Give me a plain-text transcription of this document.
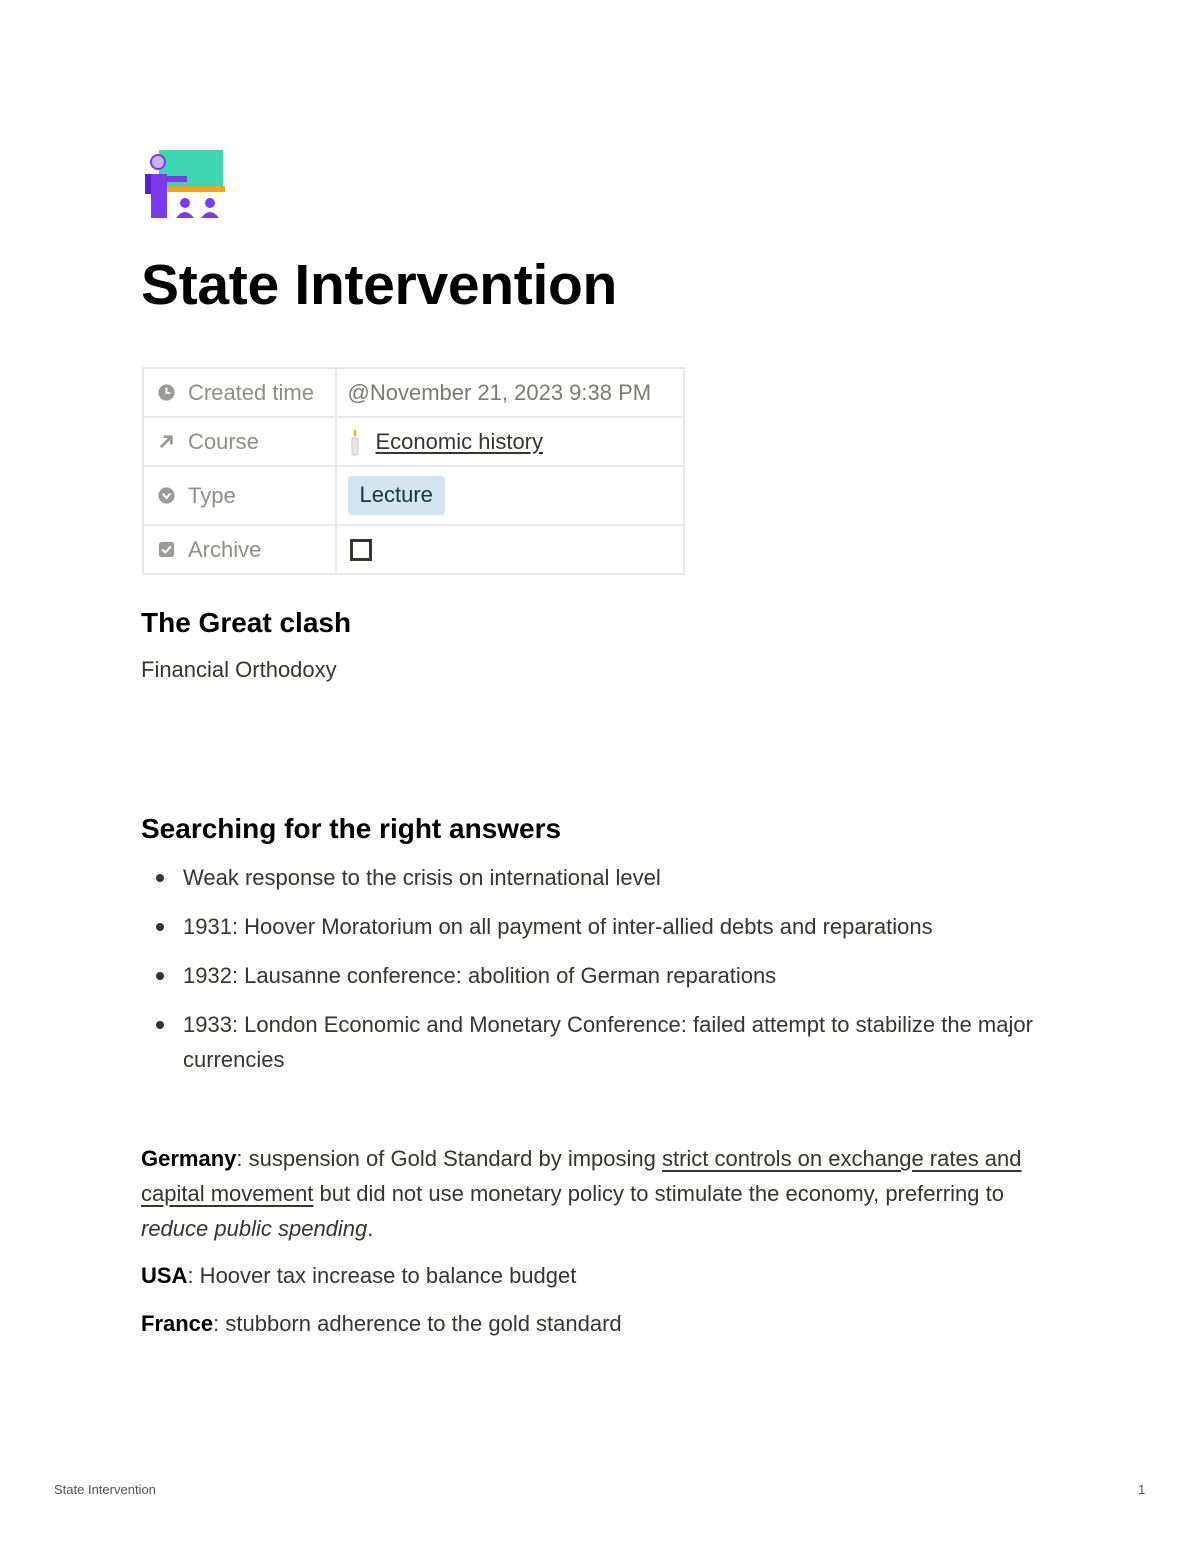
State Intervention
Created time	@November 21, 2023 9:38 PM

Course	Economic history

Type	Lecture

Archive	

The Great clash

Financial Orthodoxy

Searching for the right answers
Weak response to the crisis on international level
1931: Hoover Moratorium on all payment of inter-allied debts and reparations
1932: Lausanne conference: abolition of German reparations
1933: London Economic and Monetary Conference: failed attempt to stabilize the major currencies

Germany: suspension of Gold Standard by imposing strict controls on exchange rates and capital movement but did not use monetary policy to stimulate the economy, preferring to reduce public spending.

USA: Hoover tax increase to balance budget

France: stubborn adherence to the gold standard

State Intervention	1
